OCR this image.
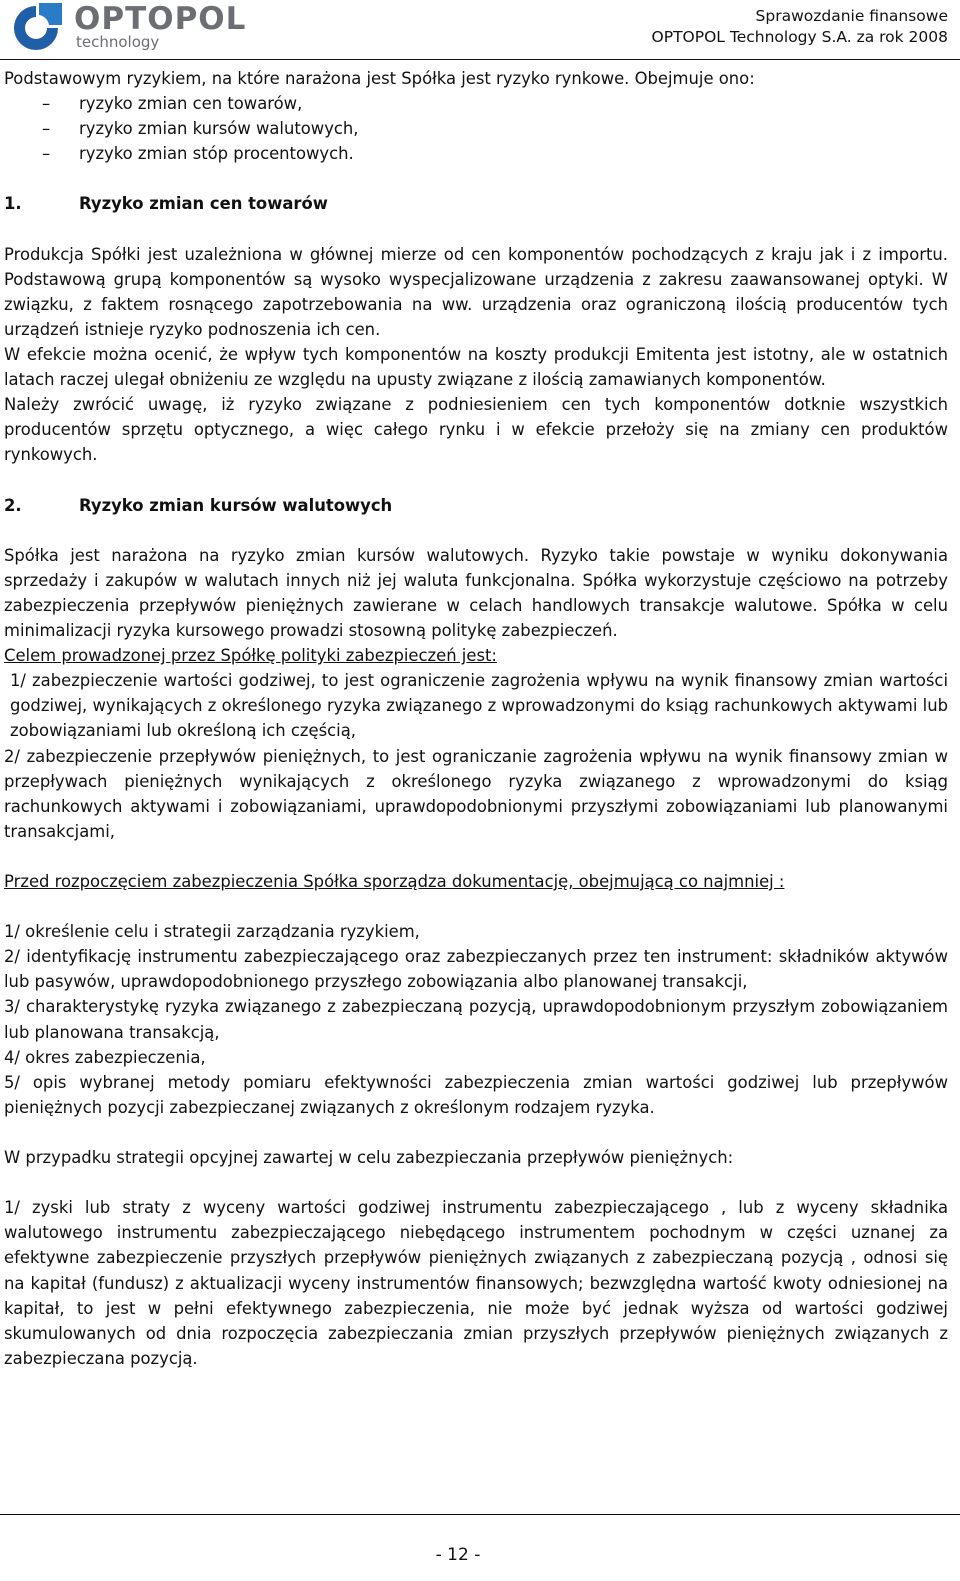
OPTOPOL
technology
Sprawozdanie finansowe
OPTOPOL Technology S.A. za rok 2008

Podstawowym ryzykiem, na które narażona jest Spółka jest ryzyko rynkowe. Obejmuje ono:

– ryzyko zmian cen towarów,
– ryzyko zmian kursów walutowych,
– ryzyko zmian stóp procentowych.

1.	Ryzyko zmian cen towarów

Produkcja Spółki jest uzależniona w głównej mierze od cen komponentów pochodzących z kraju jak i z importu. Podstawową grupą komponentów są wysoko wyspecjalizowane urządzenia z zakresu zaawansowanej optyki. W związku, z faktem rosnącego zapotrzebowania na ww. urządzenia oraz ograniczoną ilością producentów tych urządzeń istnieje ryzyko podnoszenia ich cen.

W efekcie można ocenić, że wpływ tych komponentów na koszty produkcji Emitenta jest istotny, ale w ostatnich latach raczej ulegał obniżeniu ze względu na upusty związane z ilością zamawianych komponentów.

Należy zwrócić uwagę, iż ryzyko związane z podniesieniem cen tych komponentów dotknie wszystkich producentów sprzętu optycznego, a więc całego rynku i w efekcie przełoży się na zmiany cen produktów rynkowych.

2.	Ryzyko zmian kursów walutowych

Spółka jest narażona na ryzyko zmian kursów walutowych. Ryzyko takie powstaje w wyniku dokonywania sprzedaży i zakupów w walutach innych niż jej waluta funkcjonalna. Spółka wykorzystuje częściowo na potrzeby zabezpieczenia przepływów pieniężnych zawierane w celach handlowych transakcje walutowe. Spółka w celu minimalizacji ryzyka kursowego prowadzi stosowną politykę zabezpieczeń.

Celem prowadzonej przez Spółkę polityki zabezpieczeń jest:

1/ zabezpieczenie wartości godziwej, to jest ograniczenie zagrożenia wpływu na wynik finansowy zmian wartości godziwej, wynikających z określonego ryzyka związanego z wprowadzonymi do ksiąg rachunkowych aktywami lub zobowiązaniami lub określoną ich częścią,

2/ zabezpieczenie przepływów pieniężnych, to jest ograniczanie zagrożenia wpływu na wynik finansowy zmian w przepływach pieniężnych wynikających z określonego ryzyka związanego z wprowadzonymi do ksiąg rachunkowych aktywami i zobowiązaniami, uprawdopodobnionymi przyszłymi zobowiązaniami lub planowanymi transakcjami,

Przed rozpoczęciem zabezpieczenia Spółka sporządza dokumentację, obejmującą co najmniej :

1/ określenie celu i strategii zarządzania ryzykiem,

2/ identyfikację instrumentu zabezpieczającego oraz zabezpieczanych przez ten instrument: składników aktywów lub pasywów, uprawdopodobnionego przyszłego zobowiązania albo planowanej transakcji,

3/ charakterystykę ryzyka związanego z zabezpieczaną pozycją, uprawdopodobnionym przyszłym zobowiązaniem lub planowana transakcją,

4/ okres zabezpieczenia,

5/ opis wybranej metody pomiaru efektywności zabezpieczenia zmian wartości godziwej lub przepływów pieniężnych pozycji zabezpieczanej związanych z określonym rodzajem ryzyka.

W przypadku strategii opcyjnej zawartej w celu zabezpieczania przepływów pieniężnych:

1/ zyski lub straty z wyceny wartości godziwej instrumentu zabezpieczającego , lub z wyceny składnika walutowego instrumentu zabezpieczającego niebędącego instrumentem pochodnym w części uznanej za efektywne zabezpieczenie przyszłych przepływów pieniężnych związanych z zabezpieczaną pozycją , odnosi się na kapitał (fundusz) z aktualizacji wyceny instrumentów finansowych; bezwzględna wartość kwoty odniesionej na kapitał, to jest w pełni efektywnego zabezpieczenia, nie może być jednak wyższa od wartości godziwej skumulowanych od dnia rozpoczęcia zabezpieczania zmian przyszłych przepływów pieniężnych związanych z zabezpieczana pozycją.

- 12 -
